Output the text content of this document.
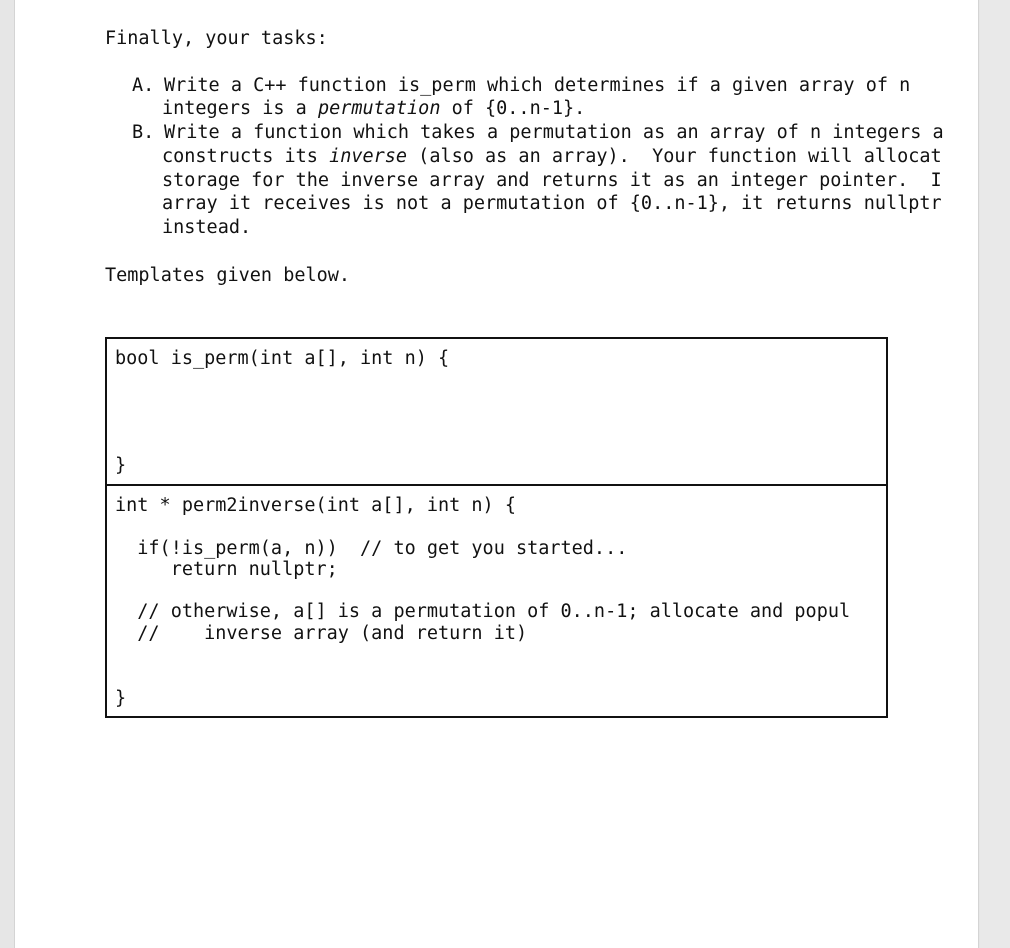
Finally, your tasks:
A. Write a C++ function is_perm which determines if a given array of n
integers is a permutation of {0..n-1}.
B. Write a function which takes a permutation as an array of n integers a
constructs its inverse (also as an array).  Your function will allocat
storage for the inverse array and returns it as an integer pointer.  I
array it receives is not a permutation of {0..n-1}, it returns nullptr
instead.
Templates given below.
bool is_perm(int a[], int n) {
}
int * perm2inverse(int a[], int n) {
if(!is_perm(a, n))  // to get you started...
return nullptr;
// otherwise, a[] is a permutation of 0..n-1; allocate and popul
//    inverse array (and return it)
}
